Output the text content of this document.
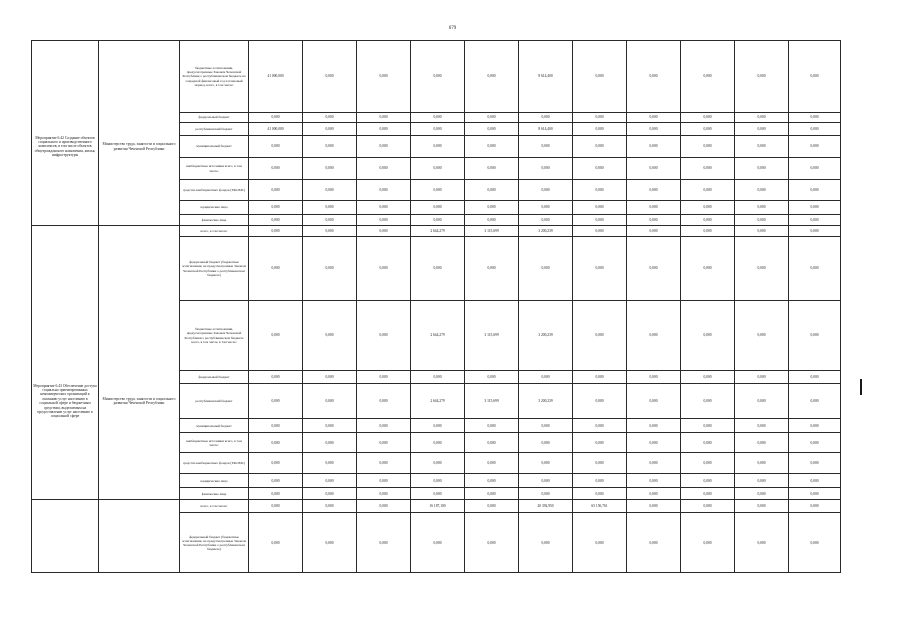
679
		бюджетные ассигнования, предусмотренные Законом Чеченской Республики о республиканском бюджете на очередной финансовый год и плановый период, всего, в том числе:	41 000,000	0,000	0,000	0,000	0,000	8 614,400	0,000	0,000	0,000	0,000	0,000
		федеральный бюджет	0,000	0,000	0,000	0,000	0,000	0,000	0,000	0,000	0,000	0,000	0,000
		республиканский бюджет	41 000,000	0,000	0,000	0,000	0,000	8 614,400	0,000	0,000	0,000	0,000	0,000
Мероприятие 6.42 Создание объектов социального и производственного комплексов, в том числе объектов общегражданского назначения, жилья, инфраструктуры	Министерство труда, занятости и социального развития Чеченской Республики	муниципальный бюджет	0,000	0,000	0,000	0,000	0,000	0,000	0,000	0,000	0,000	0,000	0,000
		внебюджетные источники всего, в том числе:	0,000	0,000	0,000	0,000	0,000	0,000	0,000	0,000	0,000	0,000	0,000
		средства внебюджетных фондов (ТФОМС)	0,000	0,000	0,000	0,000	0,000	0,000	0,000	0,000	0,000	0,000	0,000
		юридические лица	0,000	0,000	0,000	0,000	0,000	0,000	0,000	0,000	0,000	0,000	0,000
		физические лица	0,000	0,000	0,000	0,000	0,000	0,000	0,000	0,000	0,000	0,000	0,000
		всего, в том числе:	0,000	0,000	0,000	2 644,279	3 115,699	3 200,239	0,000	0,000	0,000	0,000	0,000
		федеральный бюджет (бюджетные ассигнования, не предусмотренные Законом Чеченской Республики о республиканском бюджете)	0,000	0,000	0,000	0,000	0,000	0,000	0,000	0,000	0,000	0,000	0,000
		бюджетные ассигнования, предусмотренные Законом Чеченской Республики о республиканском бюджете всего, в том числе, в том числе:	0,000	0,000	0,000	2 644,279	3 115,699	3 200,239	0,000	0,000	0,000	0,000	0,000
		федеральный бюджет	0,000	0,000	0,000	0,000	0,000	0,000	0,000	0,000	0,000	0,000	0,000
Мероприятие 6.43 Обеспечение доступа социально ориентированных некоммерческих организаций к оказанию услуг населению в социальной сфере и бюджетным средствам, выделяемым на предоставление услуг населению в социальной сфере	Министерство труда, занятости и социального развития Чеченской Республики	республиканский бюджет	0,000	0,000	0,000	2 644,279	3 115,699	3 200,239	0,000	0,000	0,000	0,000	0,000
		муниципальный бюджет	0,000	0,000	0,000	0,000	0,000	0,000	0,000	0,000	0,000	0,000	0,000
		внебюджетные источники всего, в том числе:	0,000	0,000	0,000	0,000	0,000	0,000	0,000	0,000	0,000	0,000	0,000
		средства внебюджетных фондов (ТФОМС)	0,000	0,000	0,000	0,000	0,000	0,000	0,000	0,000	0,000	0,000	0,000
		юридические лица	0,000	0,000	0,000	0,000	0,000	0,000	0,000	0,000	0,000	0,000	0,000
		физические лица	0,000	0,000	0,000	0,000	0,000	0,000	0,000	0,000	0,000	0,000	0,000
		всего, в том числе:	0,000	0,000	0,000	16 187,100	0,000	20 392,950	65 156,761	0,000	0,000	0,000	0,000
		федеральный бюджет (бюджетные ассигнования, не предусмотренные Законом Чеченской Республики о республиканском бюджете)	0,000	0,000	0,000	0,000	0,000	0,000	0,000	0,000	0,000	0,000	0,000
